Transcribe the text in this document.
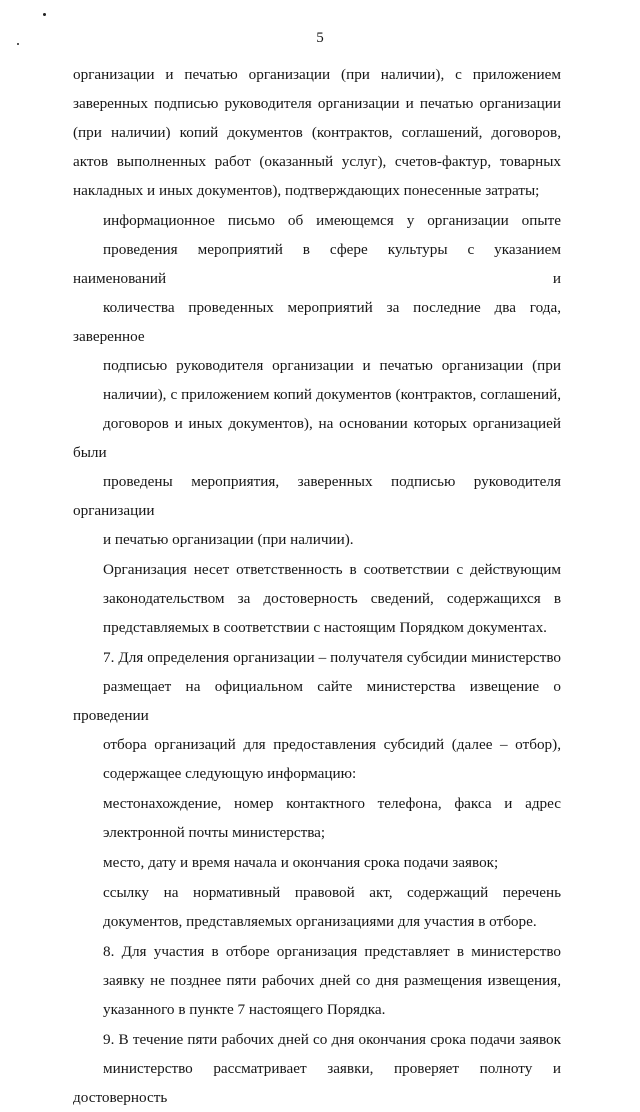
5

организации и печатью организации (при наличии), с приложением
заверенных подписью руководителя организации и печатью организации
(при наличии) копий документов (контрактов, соглашений, договоров,
актов выполненных работ (оказанный услуг), счетов-фактур, товарных
накладных и иных документов), подтверждающих понесенные затраты;

информационное письмо об имеющемся у организации опыте
проведения мероприятий в сфере культуры с указанием наименований и
количества проведенных мероприятий за последние два года, заверенное
подписью руководителя организации и печатью организации (при
наличии), с приложением копий документов (контрактов, соглашений,
договоров и иных документов), на основании которых организацией были
проведены мероприятия, заверенных подписью руководителя организации
и печатью организации (при наличии).

Организация несет ответственность в соответствии с действующим
законодательством за достоверность сведений, содержащихся в
представляемых в соответствии с настоящим Порядком документах.

7. Для определения организации – получателя субсидии министерство
размещает на официальном сайте министерства извещение о проведении
отбора организаций для предоставления субсидий (далее – отбор),
содержащее следующую информацию:

местонахождение, номер контактного телефона, факса и адрес
электронной почты министерства;

место, дату и время начала и окончания срока подачи заявок;

ссылку на нормативный правовой акт, содержащий перечень
документов, представляемых организациями для участия в отборе.

8. Для участия в отборе организация представляет в министерство
заявку не позднее пяти рабочих дней со дня размещения извещения,
указанного в пункте 7 настоящего Порядка.

9. В течение пяти рабочих дней со дня окончания срока подачи заявок
министерство рассматривает заявки, проверяет полноту и достоверность
